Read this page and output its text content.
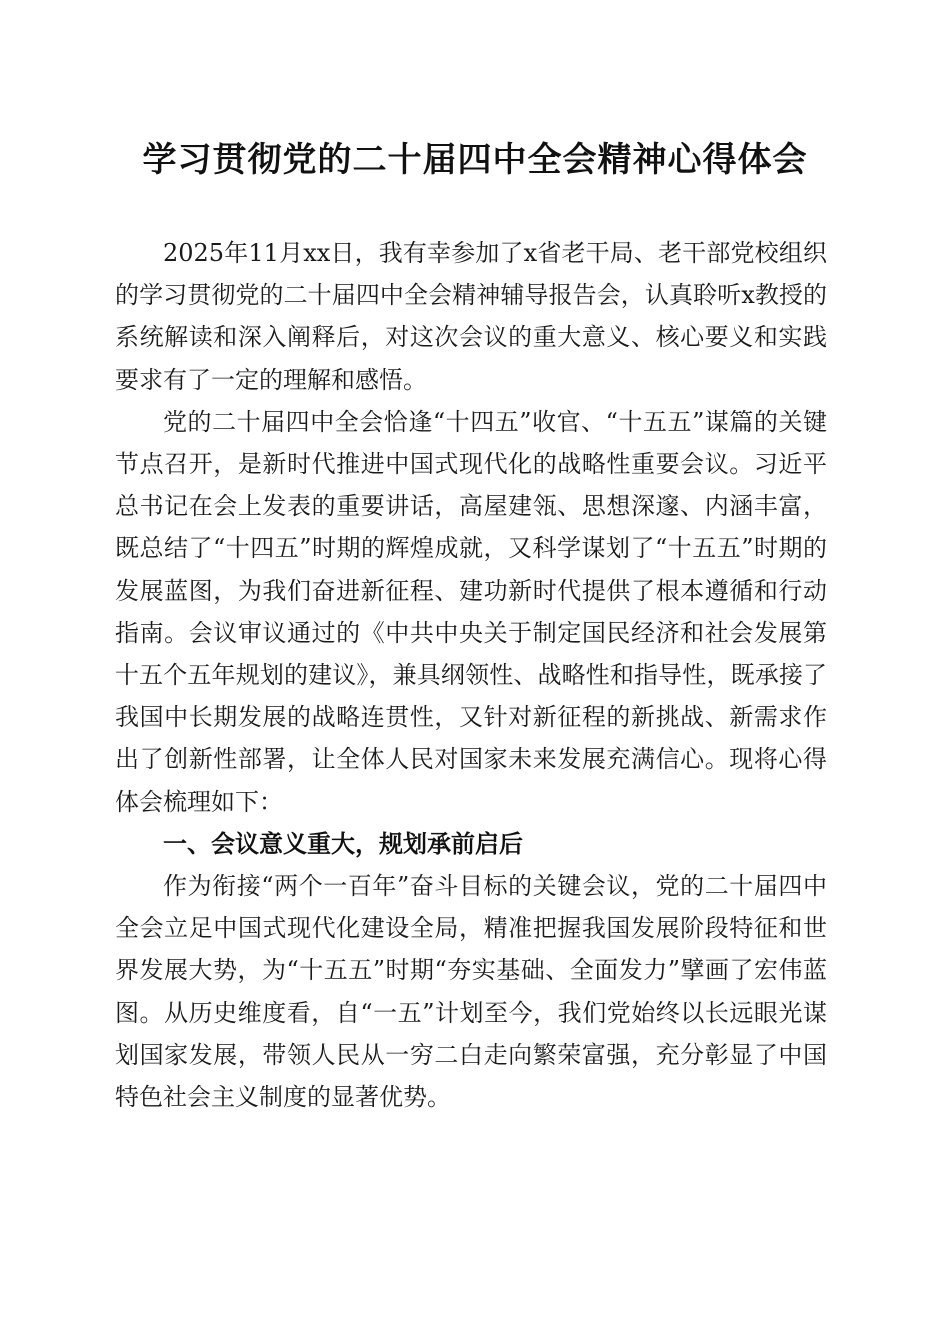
学习贯彻党的二十届四中全会精神心得体会

2025年11月xx日，我有幸参加了x省老干局、老干部党校组织的学习贯彻党的二十届四中全会精神辅导报告会，认真聆听x教授的系统解读和深入阐释后，对这次会议的重大意义、核心要义和实践要求有了一定的理解和感悟。

党的二十届四中全会恰逢“十四五”收官、“十五五”谋篇的关键节点召开，是新时代推进中国式现代化的战略性重要会议。习近平总书记在会上发表的重要讲话，高屋建瓴、思想深邃、内涵丰富，既总结了“十四五”时期的辉煌成就，又科学谋划了“十五五”时期的发展蓝图，为我们奋进新征程、建功新时代提供了根本遵循和行动指南。会议审议通过的《中共中央关于制定国民经济和社会发展第十五个五年规划的建议》，兼具纲领性、战略性和指导性，既承接了我国中长期发展的战略连贯性，又针对新征程的新挑战、新需求作出了创新性部署，让全体人民对国家未来发展充满信心。现将心得体会梳理如下：

一、会议意义重大，规划承前启后

作为衔接“两个一百年”奋斗目标的关键会议，党的二十届四中全会立足中国式现代化建设全局，精准把握我国发展阶段特征和世界发展大势，为“十五五”时期“夯实基础、全面发力”擘画了宏伟蓝图。从历史维度看，自“一五”计划至今，我们党始终以长远眼光谋划国家发展，带领人民从一穷二白走向繁荣富强，充分彰显了中国特色社会主义制度的显著优势。
